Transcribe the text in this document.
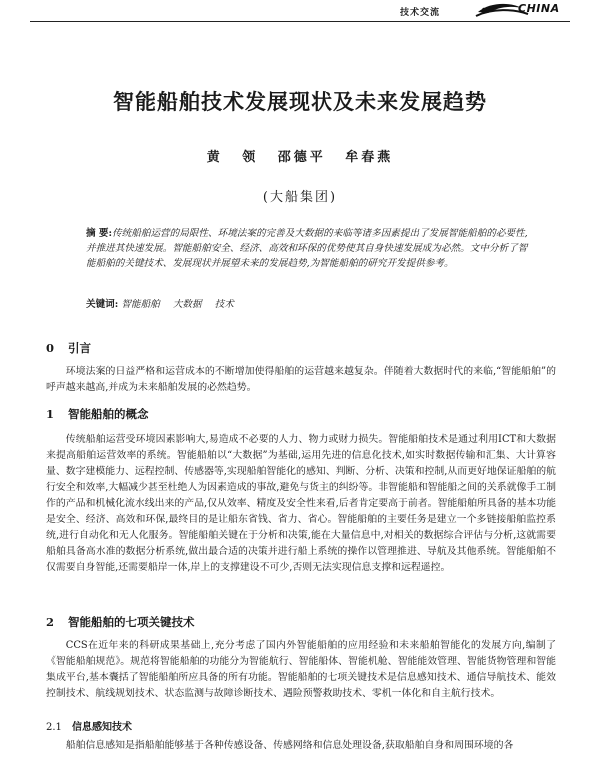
技术交流	CHINA
智能船舶技术发展现状及未来发展趋势
黄 领 邵德平 牟春燕
(大船集团)
摘 要:传统船舶运营的局限性、环境法案的完善及大数据的来临等诸多因素提出了发展智能船舶的必要性,并推进其快速发展。智能船舶安全、经济、高效和环保的优势使其自身快速发展成为必然。文中分析了智能船舶的关键技术、发展现状并展望未来的发展趋势,为智能船舶的研究开发提供参考。
关键词: 智能船舶 大数据 技术
0 引言
环境法案的日益严格和运营成本的不断增加使得船舶的运营越来越复杂。伴随着大数据时代的来临,“智能船舶”的呼声越来越高,并成为未来船舶发展的必然趋势。
1 智能船舶的概念
传统船舶运营受环境因素影响大,易造成不必要的人力、物力或财力损失。智能船舶技术是通过利用ICT和大数据来提高船舶运营效率的系统。智能船舶以“大数据”为基础,运用先进的信息化技术,如实时数据传输和汇集、大计算容量、数字建模能力、远程控制、传感器等,实现船舶智能化的感知、判断、分析、决策和控制,从而更好地保证船舶的航行安全和效率,大幅减少甚至杜绝人为因素造成的事故,避免与货主的纠纷等。非智能船和智能船之间的关系就像手工制作的产品和机械化流水线出来的产品,仅从效率、精度及安全性来看,后者肯定要高于前者。智能船舶所具备的基本功能是安全、经济、高效和环保,最终目的是让船东省钱、省力、省心。智能船舶的主要任务是建立一个多链接船舶监控系统,进行自动化和无人化服务。智能船舶关键在于分析和决策,能在大量信息中,对相关的数据综合评估与分析,这就需要船舶具备高水准的数据分析系统,做出最合适的决策并进行船上系统的操作以管理推进、导航及其他系统。智能船舶不仅需要自身智能,还需要船岸一体,岸上的支撑建设不可少,否则无法实现信息支撑和远程遥控。
2 智能船舶的七项关键技术
CCS在近年来的科研成果基础上,充分考虑了国内外智能船舶的应用经验和未来船舶智能化的发展方向,编制了《智能船舶规范》。规范将智能船舶的功能分为智能航行、智能船体、智能机舱、智能能效管理、智能货物管理和智能集成平台,基本囊括了智能船舶所应具备的所有功能。智能船舶的七项关键技术是信息感知技术、通信导航技术、能效控制技术、航线规划技术、状态监测与故障诊断技术、遇险预警救助技术、零机一体化和自主航行技术。
2.1 信息感知技术
船舶信息感知是指船舶能够基于各种传感设备、传感网络和信息处理设备,获取船舶自身和周围环境的各
